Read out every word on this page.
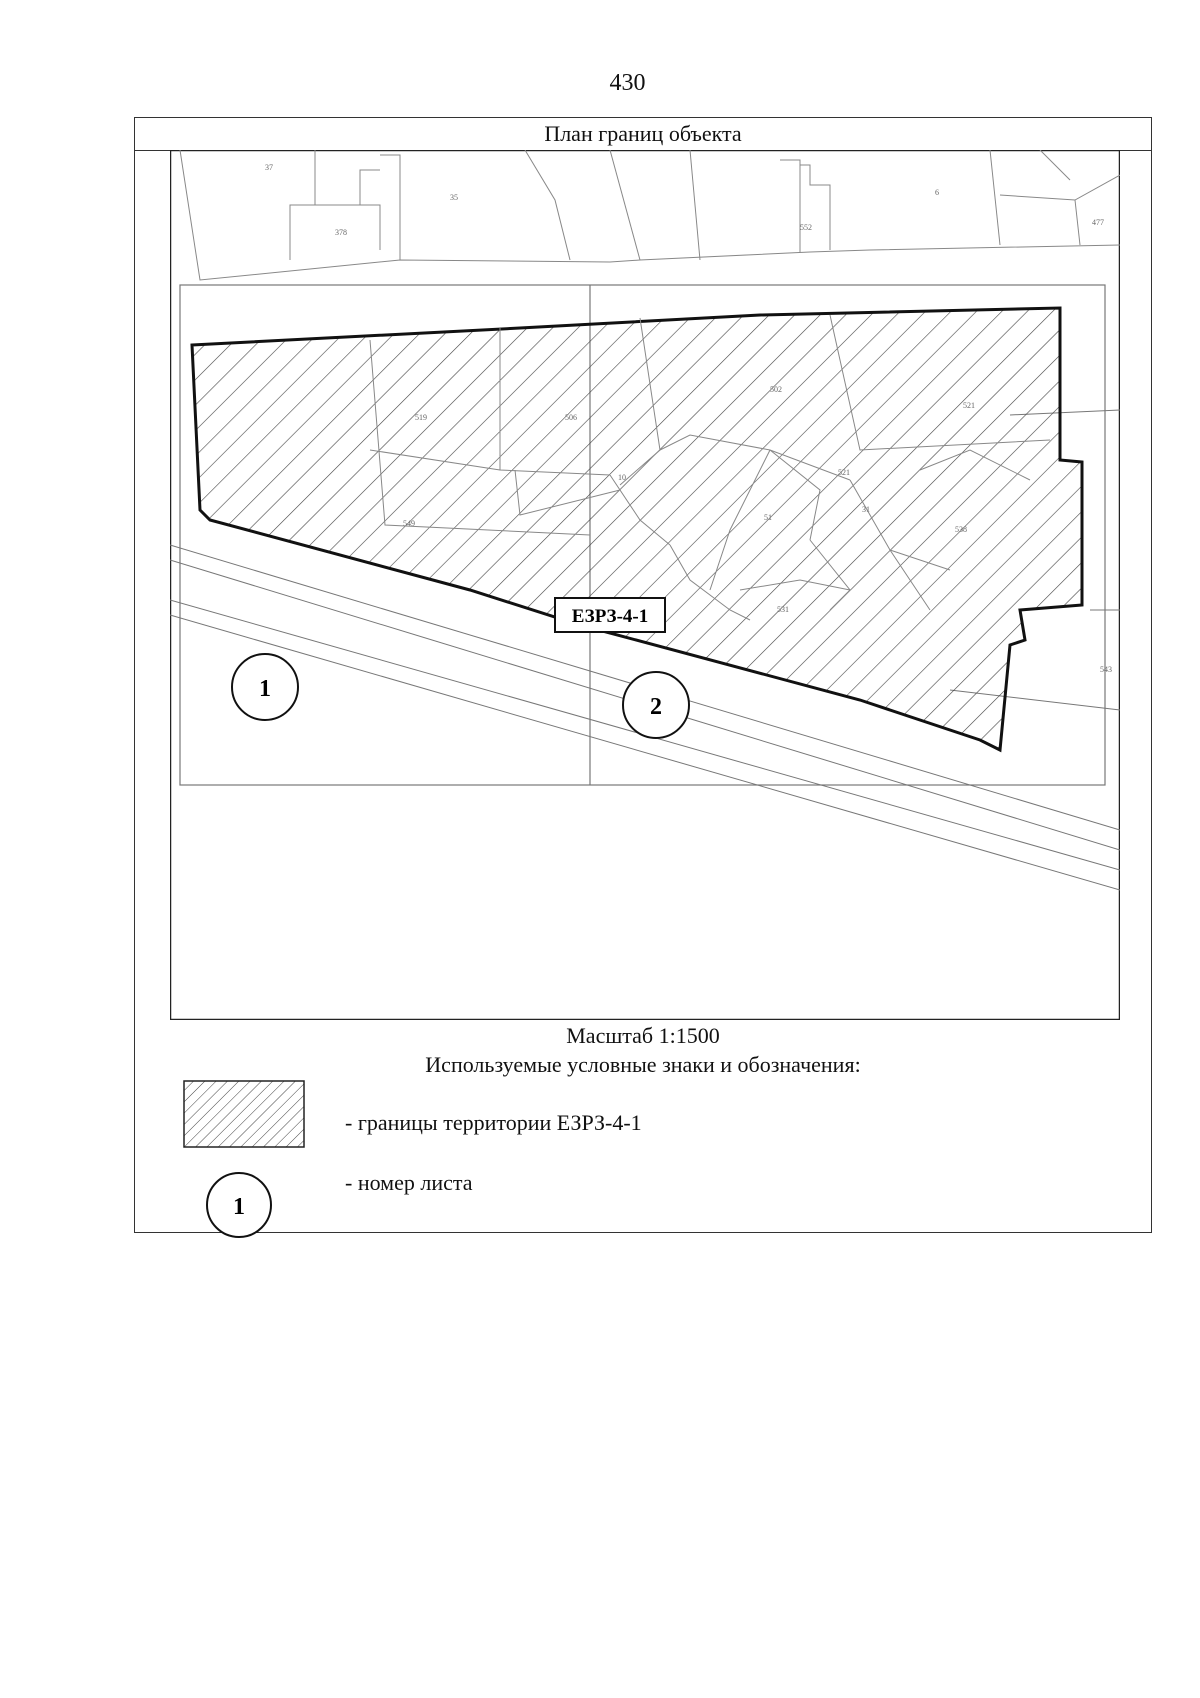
430
План границ объекта
37
378
35
552
6
477
519	506
502
521
10
549
31
51
521
538
531
543
ЕЗРЗ-4-1
1
2
Масштаб 1:1500
Используемые условные знаки и обозначения:
- границы территории ЕЗРЗ-4-1
1
- номер листа
